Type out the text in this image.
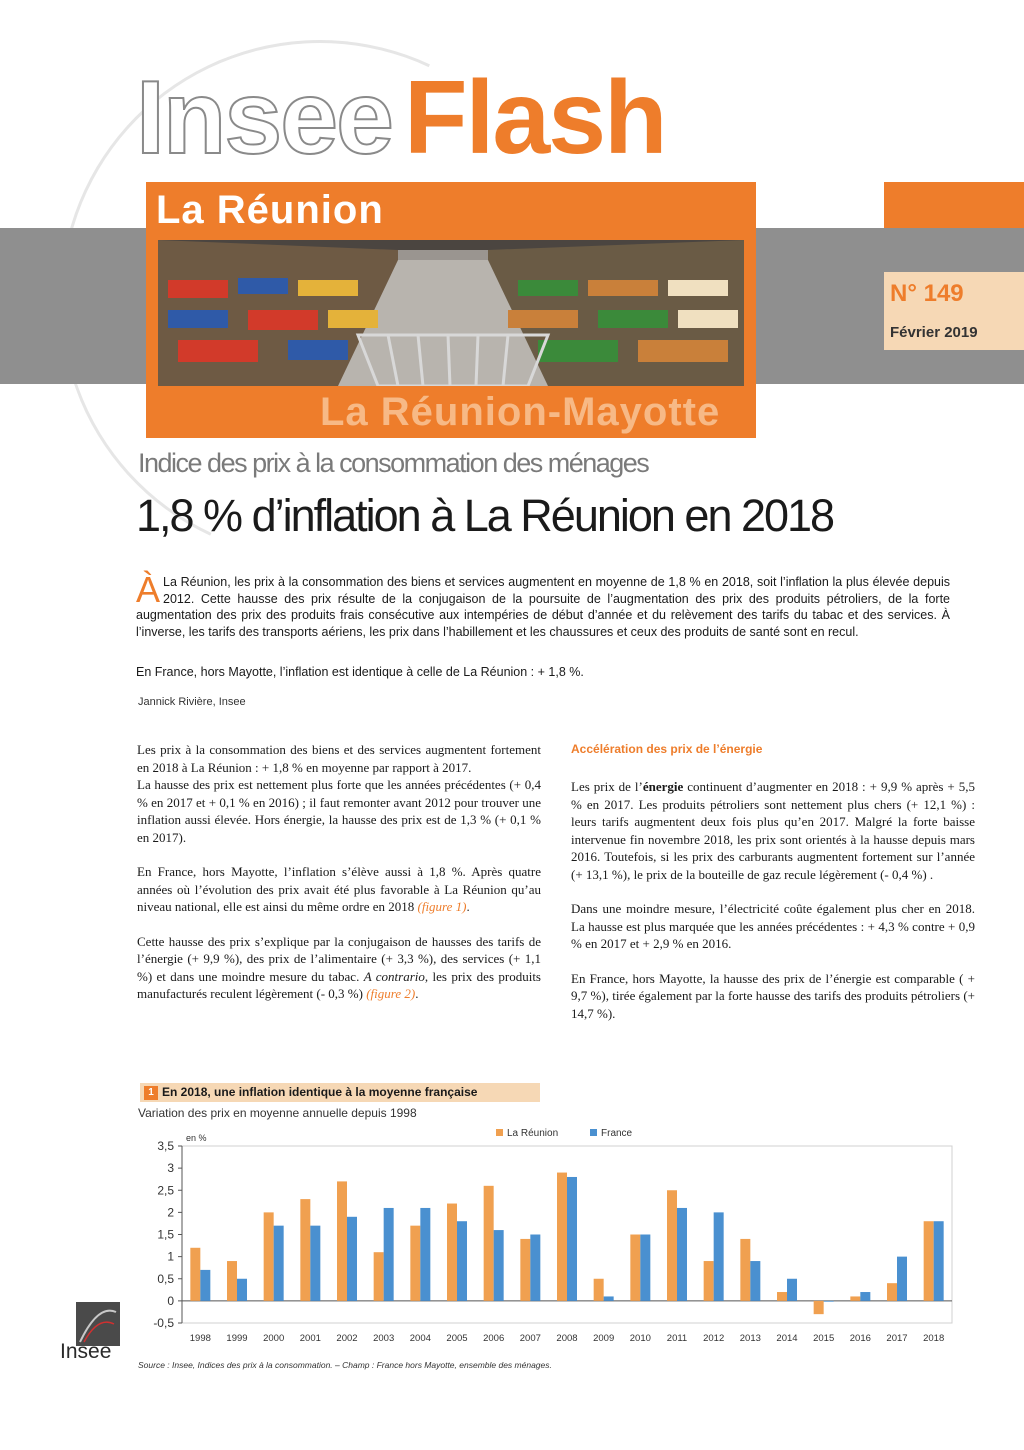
Insee Flash
La Réunion
La Réunion-Mayotte
N° 149
Février 2019
Indice des prix à la consommation des ménages
1,8 % d’inflation à La Réunion en 2018
À La Réunion, les prix à la consommation des biens et services augmentent en moyenne de 1,8 % en 2018, soit l’inflation la plus élevée depuis 2012. Cette hausse des prix résulte de la conjugaison de la poursuite de l’augmentation des prix des produits pétroliers, de la forte augmentation des prix des produits frais consécutive aux intempéries de début d’année et du relèvement des tarifs du tabac et des services. À l’inverse, les tarifs des transports aériens, les prix dans l’habillement et les chaussures et ceux des produits de santé sont en recul.
En France, hors Mayotte, l’inflation est identique à celle de La Réunion : + 1,8 %.
Jannick Rivière, Insee

Les prix à la consommation des biens et des services augmentent fortement en 2018 à La Réunion : + 1,8 % en moyenne par rapport à 2017.
La hausse des prix est nettement plus forte que les années précédentes (+ 0,4 % en 2017 et + 0,1 % en 2016) ; il faut remonter avant 2012 pour trouver une inflation aussi élevée. Hors énergie, la hausse des prix est de 1,3 % (+ 0,1 % en 2017).

En France, hors Mayotte, l’inflation s’élève aussi à 1,8 %. Après quatre années où l’évolution des prix avait été plus favorable à La Réunion qu’au niveau national, elle est ainsi du même ordre en 2018 (figure 1).

Cette hausse des prix s’explique par la conjugaison de hausses des tarifs de l’énergie (+ 9,9 %), des prix de l’alimentaire (+ 3,3 %), des services (+ 1,1 %) et dans une moindre mesure du tabac. A contrario, les prix des produits manufacturés reculent légèrement (- 0,3 %) (figure 2).

Accélération des prix de l’énergie

Les prix de l’énergie continuent d’augmenter en 2018 : + 9,9 % après + 5,5 % en 2017. Les produits pétroliers sont nettement plus chers (+ 12,1 %) : leurs tarifs augmentent deux fois plus qu’en 2017. Malgré la forte baisse intervenue fin novembre 2018, les prix sont orientés à la hausse depuis mars 2016. Toutefois, si les prix des carburants augmentent fortement sur l’année (+ 13,1 %), le prix de la bouteille de gaz recule légèrement (- 0,4 %) .

Dans une moindre mesure, l’électricité coûte également plus cher en 2018. La hausse est plus marquée que les années précédentes : + 4,3 % contre + 0,9 % en 2017 et + 2,9 % en 2016.

En France, hors Mayotte, la hausse des prix de l’énergie est comparable ( + 9,7 %), tirée également par la forte hausse des tarifs des produits pétroliers (+ 14,7 %).

1 En 2018, une inflation identique à la moyenne française
Variation des prix en moyenne annuelle depuis 1998
3,5
3
2,5
2
1,5
1
0,5
0
-0,5
en %
1998 1999 2000 2001 2002 2003 2004 2005 2006 2007 2008 2009 2010 2011 2012 2013 2014 2015 2016 2017 2018
La Réunion	France
Source : Insee, Indices des prix à la consommation. – Champ : France hors Mayotte, ensemble des ménages.
Insee
